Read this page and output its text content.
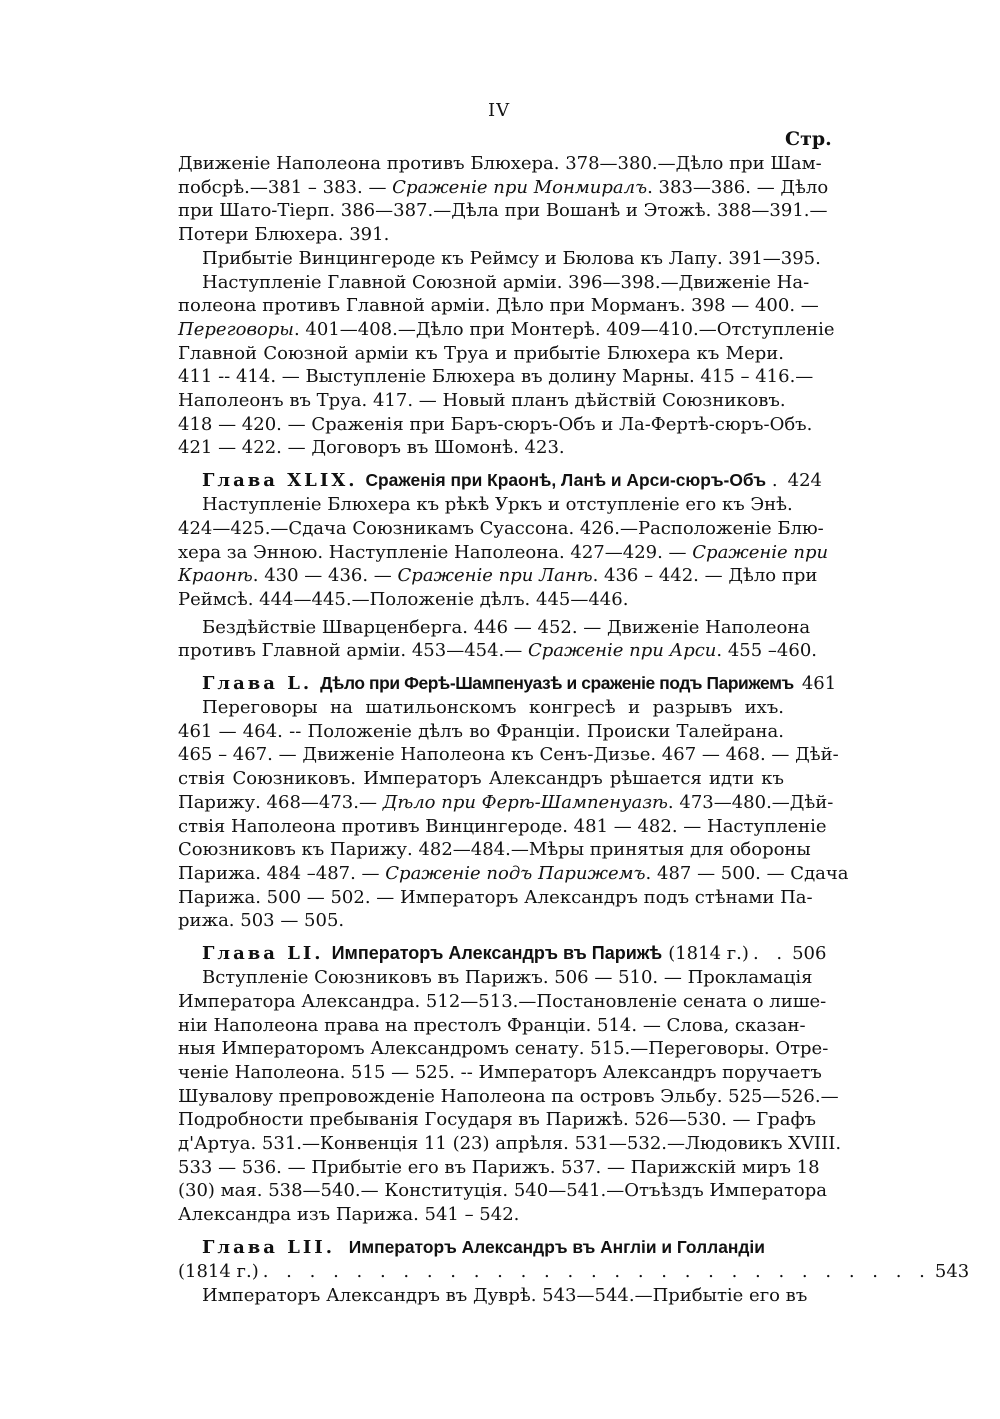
IV
Стр.
Движеніе Наполеона противъ Блюхера. 378—380.—Дѣло при Шам-
побсрѣ.—381 – 383. — Сраженіе при Монмиралъ. 383—386. — Дѣло
при Шато-Тіерп. 386—387.—Дѣла при Вошанѣ и Этожѣ. 388—391.—
Потери Блюхера. 391.
Прибытіе Винцингероде къ Реймсу и Бюлова къ Лапу. 391—395.
Наступленіе Главной Союзной арміи. 396—398.—Движеніе На-
полеона противъ Главной арміи. Дѣло при Морманъ. 398 — 400. —
Переговоры. 401—408.—Дѣло при Монтерѣ. 409—410.—Отступленіе
Главной Союзной арміи къ Труа и прибытіе Блюхера къ Мери.
411 -- 414. — Выступленіе Блюхера въ долину Марны. 415 – 416.—
Наполеонъ въ Труа. 417. — Новый планъ дѣйствій Союзниковъ.
418 — 420. — Сраженія при Баръ-сюръ-Объ и Ла-Фертѣ-сюръ-Объ.
421 — 422. — Договоръ въ Шомонѣ. 423.
Глава XLIX. Сраженія при Краонѣ, Ланѣ и Арси-сюръ-Объ . 424
Наступленіе Блюхера къ рѣкѣ Уркъ и отступленіе его къ Энѣ.
424—425.—Сдача Союзникамъ Суассона. 426.—Расположеніе Блю-
хера за Энною. Наступленіе Наполеона. 427—429. — Сраженіе при
Краонѣ. 430 — 436. — Сраженіе при Ланѣ. 436 – 442. — Дѣло при
Реймсѣ. 444—445.—Положеніе дѣлъ. 445—446.
Бездѣйствіе Шварценберга. 446 — 452. — Движеніе Наполеона
противъ Главной арміи. 453—454.— Сраженіе при Арси. 455 –460.
Глава L. Дѣло при Ферѣ-Шампенуазѣ и сраженіе подъ Парижемъ 461
Переговоры на шатильонскомъ конгресѣ и разрывъ ихъ.
461 — 464. -- Положеніе дѣлъ во Франціи. Происки Талейрана.
465 – 467. — Движеніе Наполеона къ Сенъ-Дизье. 467 — 468. — Дѣй-
ствія Союзниковъ. Императоръ Александръ рѣшается идти къ
Парижу. 468—473.— Дѣло при Ферѣ-Шампенуазѣ. 473—480.—Дѣй-
ствія Наполеона противъ Винцингероде. 481 — 482. — Наступленіе
Союзниковъ къ Парижу. 482—484.—Мѣры принятыя для обороны
Парижа. 484 –487. — Сраженіе подъ Парижемъ. 487 — 500. — Сдача
Парижа. 500 — 502. — Императоръ Александръ подъ стѣнами Па-
рижа. 503 — 505.
Глава LI. Императоръ Александръ въ Парижѣ (1814 г.) . . 506
Вступленіе Союзниковъ въ Парижъ. 506 — 510. — Прокламація
Императора Александра. 512—513.—Постановленіе сената о лише-
ніи Наполеона права на престолъ Франціи. 514. — Слова, сказан-
ныя Императоромъ Александромъ сенату. 515.—Переговоры. Отре-
ченіе Наполеона. 515 — 525. -- Императоръ Александръ поручаетъ
Шувалову препровожденіе Наполеона па островъ Эльбу. 525—526.—
Подробности пребыванія Государя въ Парижѣ. 526—530. — Графъ
д'Артуа. 531.—Конвенція 11 (23) апрѣля. 531—532.—Людовикъ XVIII.
533 — 536. — Прибытіе его въ Парижъ. 537. — Парижскій миръ 18
(30) мая. 538—540.— Конституція. 540—541.—Отъѣздъ Императора
Александра изъ Парижа. 541 – 542.
Глава LII. Императоръ Александръ въ Англіи и Голландіи
(1814 г.) . . . . . . . . . . . . . . . . . . . . . . . . . . . . . 543
Императоръ Александръ въ Дуврѣ. 543—544.—Прибытіе его въ
